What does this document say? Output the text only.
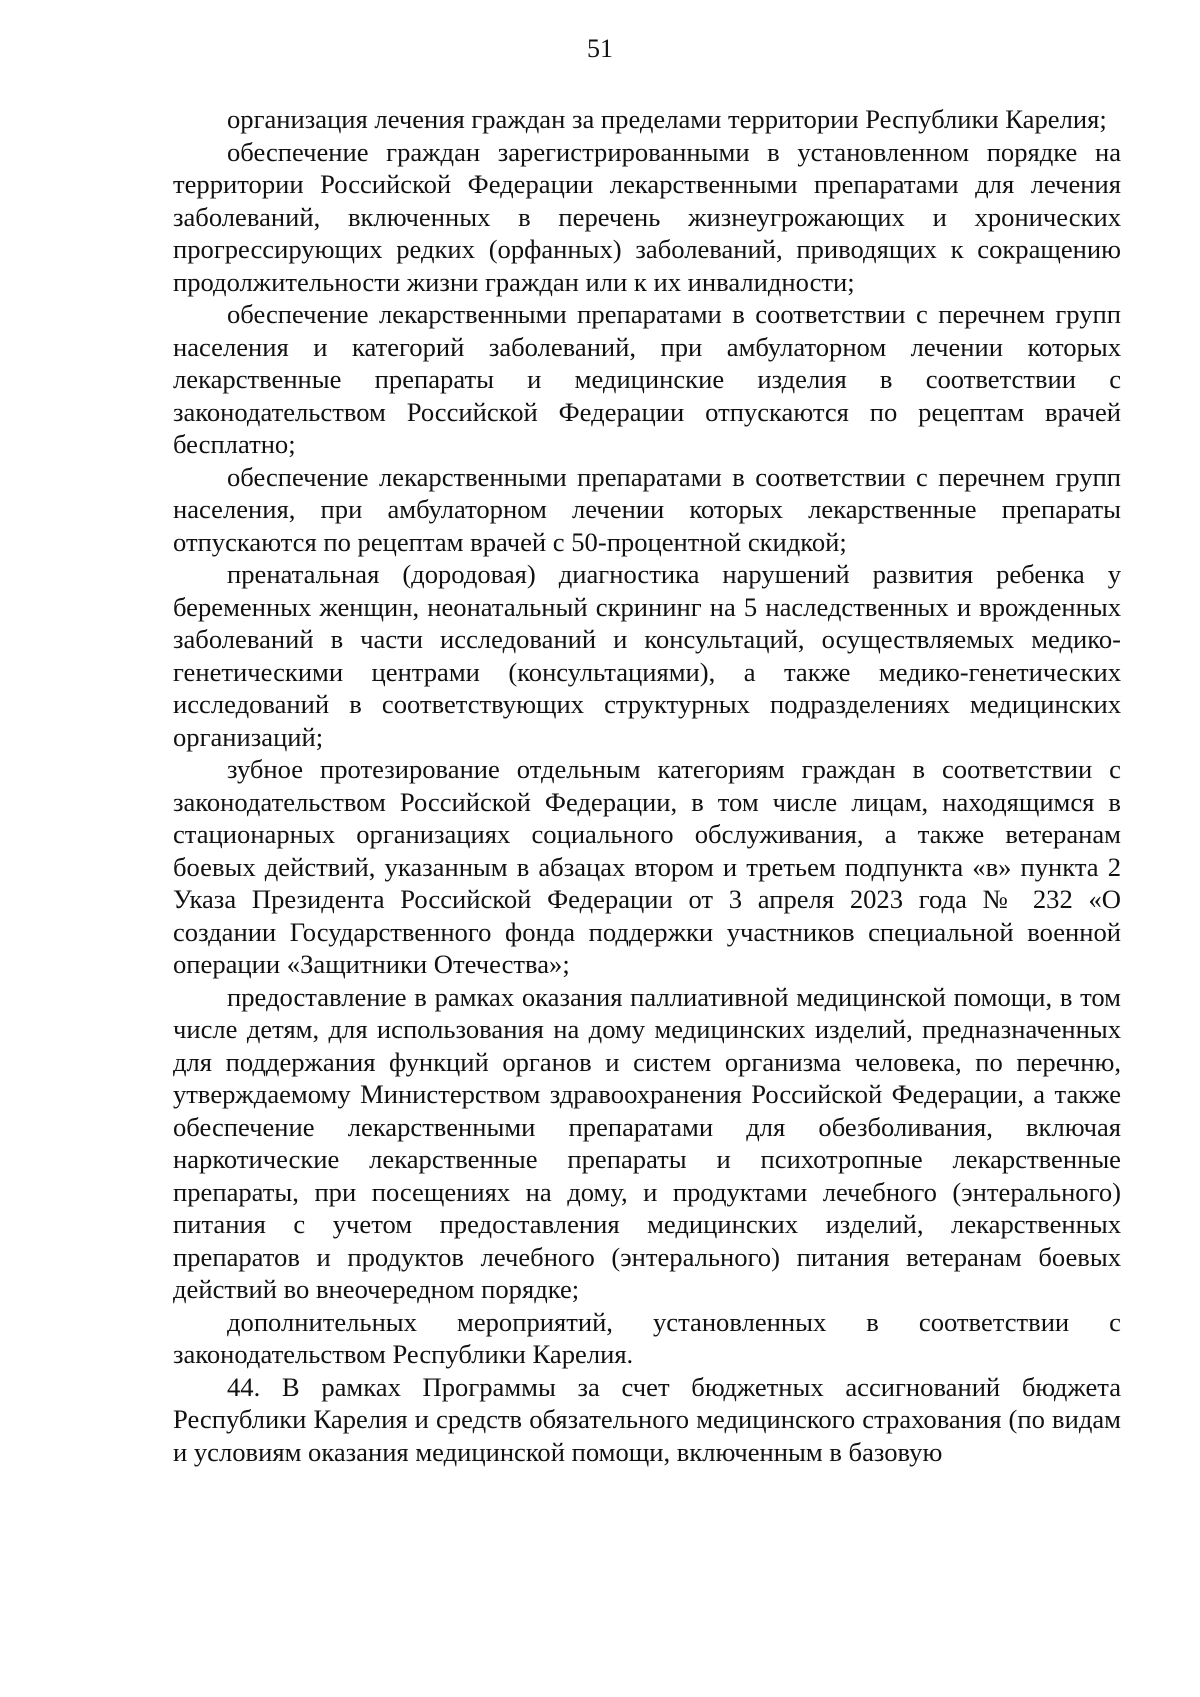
51

организация лечения граждан за пределами территории Республики Карелия;

обеспечение граждан зарегистрированными в установленном порядке на территории Российской Федерации лекарственными препаратами для лечения заболеваний, включенных в перечень жизнеугрожающих и хронических прогрессирующих редких (орфанных) заболеваний, приводящих к сокращению продолжительности жизни граждан или к их инвалидности;

обеспечение лекарственными препаратами в соответствии с перечнем групп населения и категорий заболеваний, при амбулаторном лечении которых лекарственные препараты и медицинские изделия в соответствии с законодательством Российской Федерации отпускаются по рецептам врачей бесплатно;

обеспечение лекарственными препаратами в соответствии с перечнем групп населения, при амбулаторном лечении которых лекарственные препараты отпускаются по рецептам врачей с 50-процентной скидкой;

пренатальная (дородовая) диагностика нарушений развития ребенка у беременных женщин, неонатальный скрининг на 5 наследственных и врожденных заболеваний в части исследований и консультаций, осуществляемых медико-генетическими центрами (консультациями), а также медико-генетических исследований в соответствующих структурных подразделениях медицинских организаций;

зубное протезирование отдельным категориям граждан в соответствии с законодательством Российской Федерации, в том числе лицам, находящимся в стационарных организациях социального обслуживания, а также ветеранам боевых действий, указанным в абзацах втором и третьем подпункта «в» пункта 2 Указа Президента Российской Федерации от 3 апреля 2023 года № 232 «О создании Государственного фонда поддержки участников специальной военной операции «Защитники Отечества»;

предоставление в рамках оказания паллиативной медицинской помощи, в том числе детям, для использования на дому медицинских изделий, предназначенных для поддержания функций органов и систем организма человека, по перечню, утверждаемому Министерством здравоохранения Российской Федерации, а также обеспечение лекарственными препаратами для обезболивания, включая наркотические лекарственные препараты и психотропные лекарственные препараты, при посещениях на дому, и продуктами лечебного (энтерального) питания с учетом предоставления медицинских изделий, лекарственных препаратов и продуктов лечебного (энтерального) питания ветеранам боевых действий во внеочередном порядке;

дополнительных мероприятий, установленных в соответствии с законодательством Республики Карелия.

44. В рамках Программы за счет бюджетных ассигнований бюджета Республики Карелия и средств обязательного медицинского страхования (по видам и условиям оказания медицинской помощи, включенным в базовую
